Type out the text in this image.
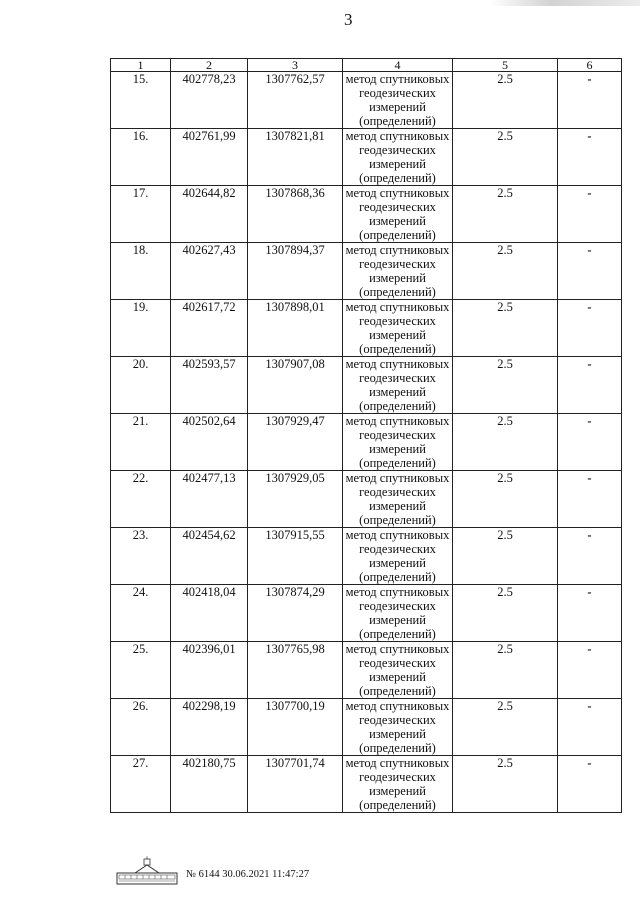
3
1	2	3	4	5	6
15.	402778,23	1307762,57	метод спутниковых геодезических измерений (определений)	2.5	-
16.	402761,99	1307821,81	метод спутниковых геодезических измерений (определений)	2.5	-
17.	402644,82	1307868,36	метод спутниковых геодезических измерений (определений)	2.5	-
18.	402627,43	1307894,37	метод спутниковых геодезических измерений (определений)	2.5	-
19.	402617,72	1307898,01	метод спутниковых геодезических измерений (определений)	2.5	-
20.	402593,57	1307907,08	метод спутниковых геодезических измерений (определений)	2.5	-
21.	402502,64	1307929,47	метод спутниковых геодезических измерений (определений)	2.5	-
22.	402477,13	1307929,05	метод спутниковых геодезических измерений (определений)	2.5	-
23.	402454,62	1307915,55	метод спутниковых геодезических измерений (определений)	2.5	-
24.	402418,04	1307874,29	метод спутниковых геодезических измерений (определений)	2.5	-
25.	402396,01	1307765,98	метод спутниковых геодезических измерений (определений)	2.5	-
26.	402298,19	1307700,19	метод спутниковых геодезических измерений (определений)	2.5	-
27.	402180,75	1307701,74	метод спутниковых геодезических измерений (определений)	2.5	-
№ 6144 30.06.2021 11:47:27
